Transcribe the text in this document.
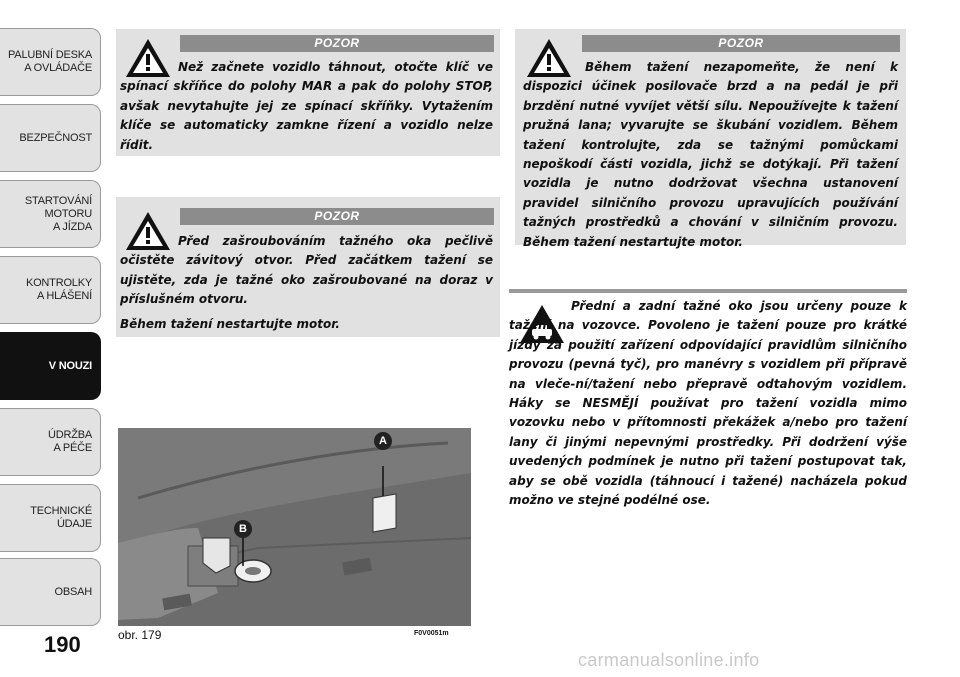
PALUBNÍ DESKA
A OVLÁDAČE
BEZPEČNOST
STARTOVÁNÍ
MOTORU
A JÍZDA
KONTROLKY
A HLÁŠENÍ
V NOUZI
ÚDRŽBA
A PÉČE
TECHNICKÉ
ÚDAJE
OBSAH
190
POZOR

Než začnete vozidlo táhnout, otočte klíč ve spínací skříňce do polohy MAR a pak do polohy STOP, avšak nevytahujte jej ze spínací skříňky. Vytažením klíče se automaticky zamkne řízení a vozidlo nelze řídit.

POZOR

Před zašroubováním tažného oka pečlivě očistěte závitový otvor. Před začátkem tažení se ujistěte, zda je tažné oko zašroubované na doraz v příslušném otvoru.
Během tažení nestartujte motor.

POZOR

Během tažení nezapomeňte, že není k dispozici účinek posilovače brzd a na pedál je při brzdění nutné vyvíjet větší sílu. Nepoužívejte k tažení pružná lana; vyvarujte se škubání vozidlem. Během tažení kontrolujte, zda se tažnými pomůckami nepoškodí části vozidla, jichž se dotýkají. Při tažení vozidla je nutno dodržovat všechna ustanovení pravidel silničního provozu upravujících používání tažných prostředků a chování v silničním provozu. Během tažení nestartujte motor.

Přední a zadní tažné oko jsou určeny pouze k tažení na vozovce. Povoleno je tažení pouze pro krátké jízdy za použití zařízení odpovídající pravidlům silničního provozu (pevná tyč), pro manévry s vozidlem při přípravě na vleče-ní/tažení nebo přepravě odtahovým vozidlem. Háky se NESMĚJÍ používat pro tažení vozidla mimo vozovku nebo v přítomnosti překážek a/nebo pro tažení lany či jinými nepevnými prostředky. Při dodržení výše uvedených podmínek je nutno při tažení postupovat tak, aby se obě vozidla (táhnoucí i tažené) nacházela pokud možno ve stejné podélné ose.

A
B
obr. 179	F0V0051m
carmanualsonline.info
